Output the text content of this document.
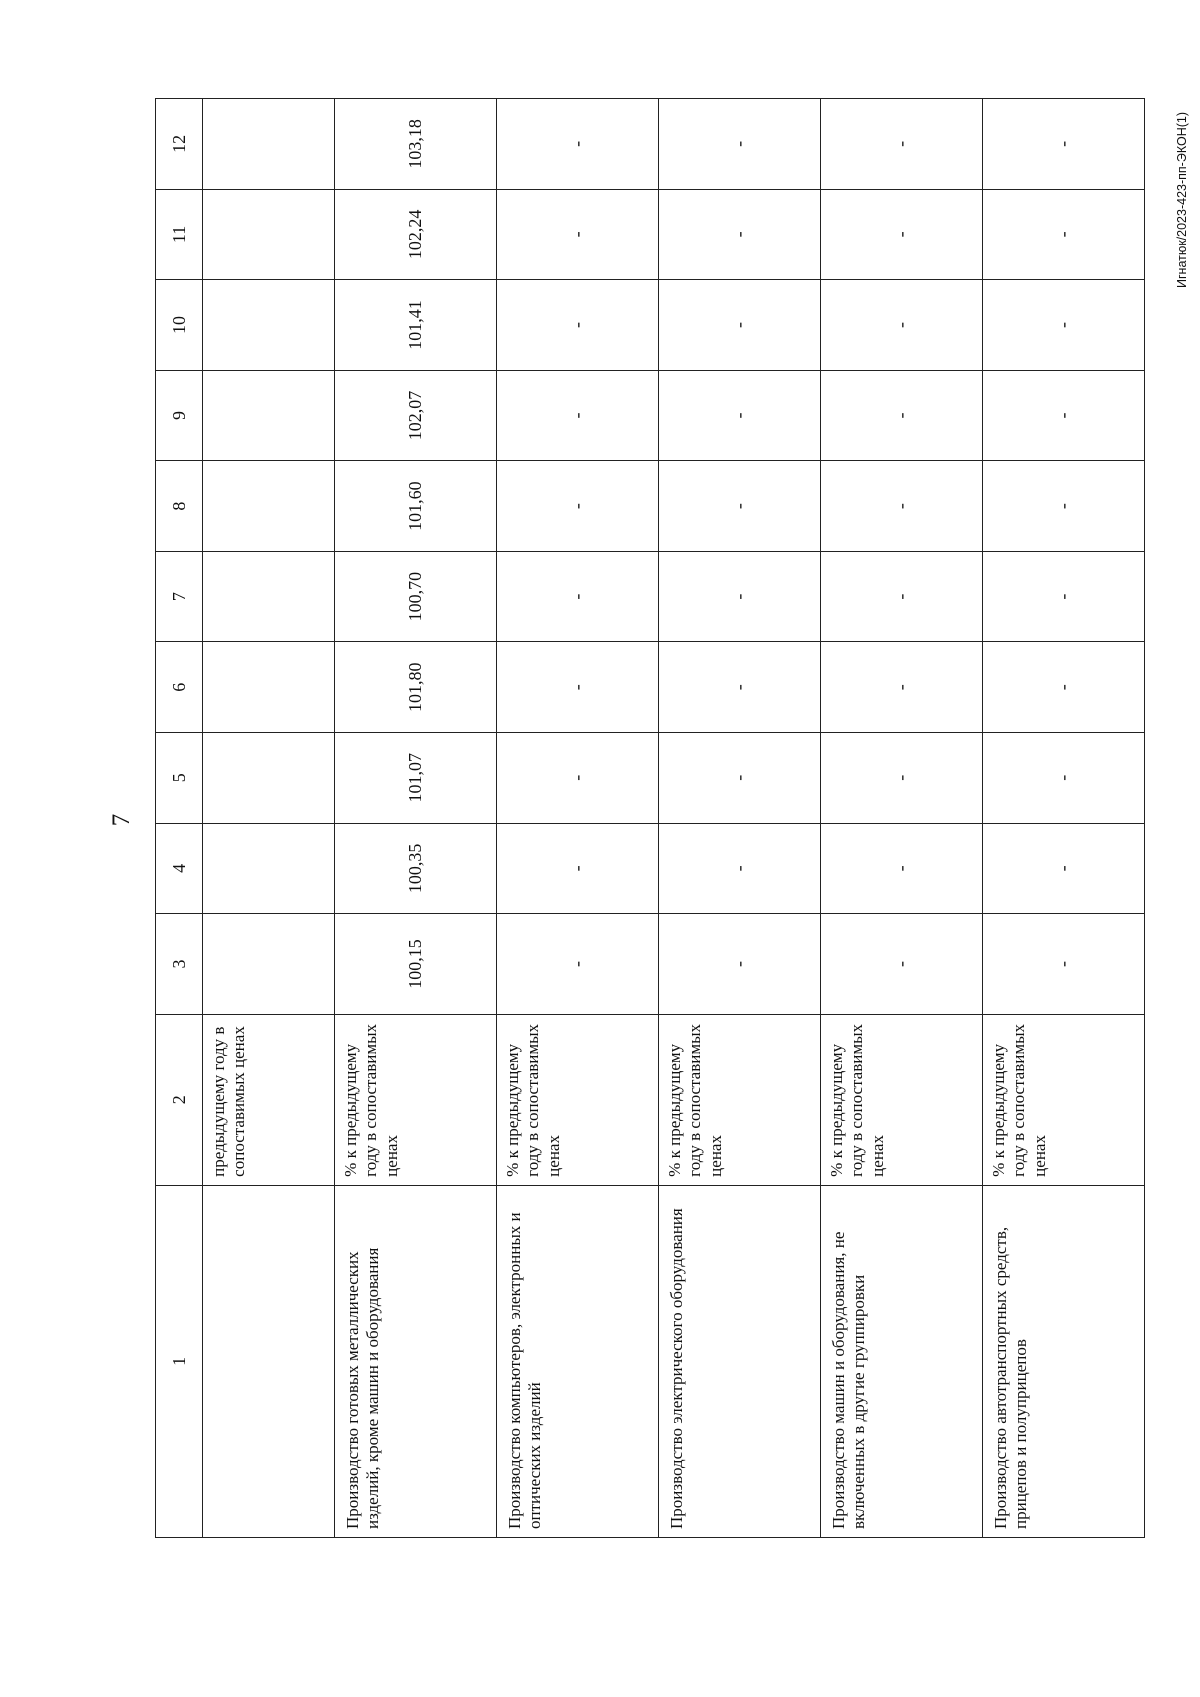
7
Игнатюк/2023-423-пп-ЭКОН(1)
1	2	3	4	5	6	7	8	9	10	11	12
	предыдущему году в сопоставимых ценах										
Производство готовых металлических изделий, кроме машин и оборудования	% к предыдущему году в сопоставимых ценах	100,15	100,35	101,07	101,80	100,70	101,60	102,07	101,41	102,24	103,18
Производство компьютеров, электронных и оптических изделий	% к предыдущему году в сопоставимых ценах	-	-	-	-	-	-	-	-	-	-
Производство электрического оборудования	% к предыдущему году в сопоставимых ценах	-	-	-	-	-	-	-	-	-	-
Производство машин и оборудования, не включенных в другие группировки	% к предыдущему году в сопоставимых ценах	-	-	-	-	-	-	-	-	-	-
Производство автотранспортных средств, прицепов и полуприцепов	% к предыдущему году в сопоставимых ценах	-	-	-	-	-	-	-	-	-	-
